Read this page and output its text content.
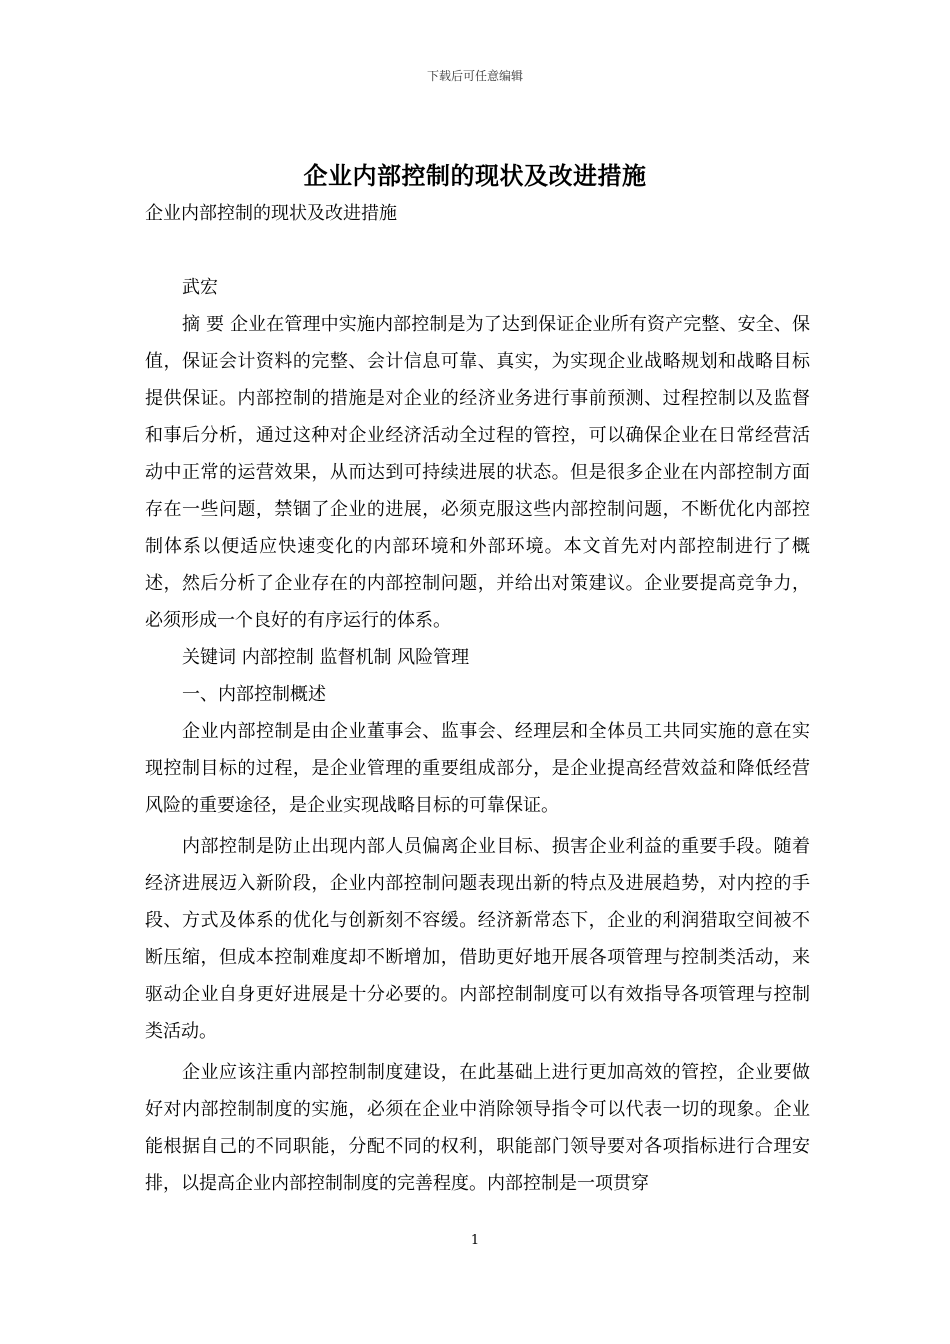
下载后可任意编辑
企业内部控制的现状及改进措施

企业内部控制的现状及改进措施

武宏

摘 要 企业在管理中实施内部控制是为了达到保证企业所有资产完整、安全、保值，保证会计资料的完整、会计信息可靠、真实，为实现企业战略规划和战略目标提供保证。内部控制的措施是对企业的经济业务进行事前预测、过程控制以及监督和事后分析，通过这种对企业经济活动全过程的管控，可以确保企业在日常经营活动中正常的运营效果，从而达到可持续进展的状态。但是很多企业在内部控制方面存在一些问题，禁锢了企业的进展，必须克服这些内部控制问题，不断优化内部控制体系以便适应快速变化的内部环境和外部环境。本文首先对内部控制进行了概述，然后分析了企业存在的内部控制问题，并给出对策建议。企业要提高竞争力，必须形成一个良好的有序运行的体系。

关键词 内部控制 监督机制 风险管理

一、内部控制概述

企业内部控制是由企业董事会、监事会、经理层和全体员工共同实施的意在实现控制目标的过程，是企业管理的重要组成部分，是企业提高经营效益和降低经营风险的重要途径，是企业实现战略目标的可靠保证。

内部控制是防止出现内部人员偏离企业目标、损害企业利益的重要手段。随着经济进展迈入新阶段，企业内部控制问题表现出新的特点及进展趋势，对内控的手段、方式及体系的优化与创新刻不容缓。经济新常态下，企业的利润猎取空间被不断压缩，但成本控制难度却不断增加，借助更好地开展各项管理与控制类活动，来驱动企业自身更好进展是十分必要的。内部控制制度可以有效指导各项管理与控制类活动。

企业应该注重内部控制制度建设，在此基础上进行更加高效的管控，企业要做好对内部控制制度的实施，必须在企业中消除领导指令可以代表一切的现象。企业能根据自己的不同职能，分配不同的权利，职能部门领导要对各项指标进行合理安排，以提高企业内部控制制度的完善程度。内部控制是一项贯穿

1
